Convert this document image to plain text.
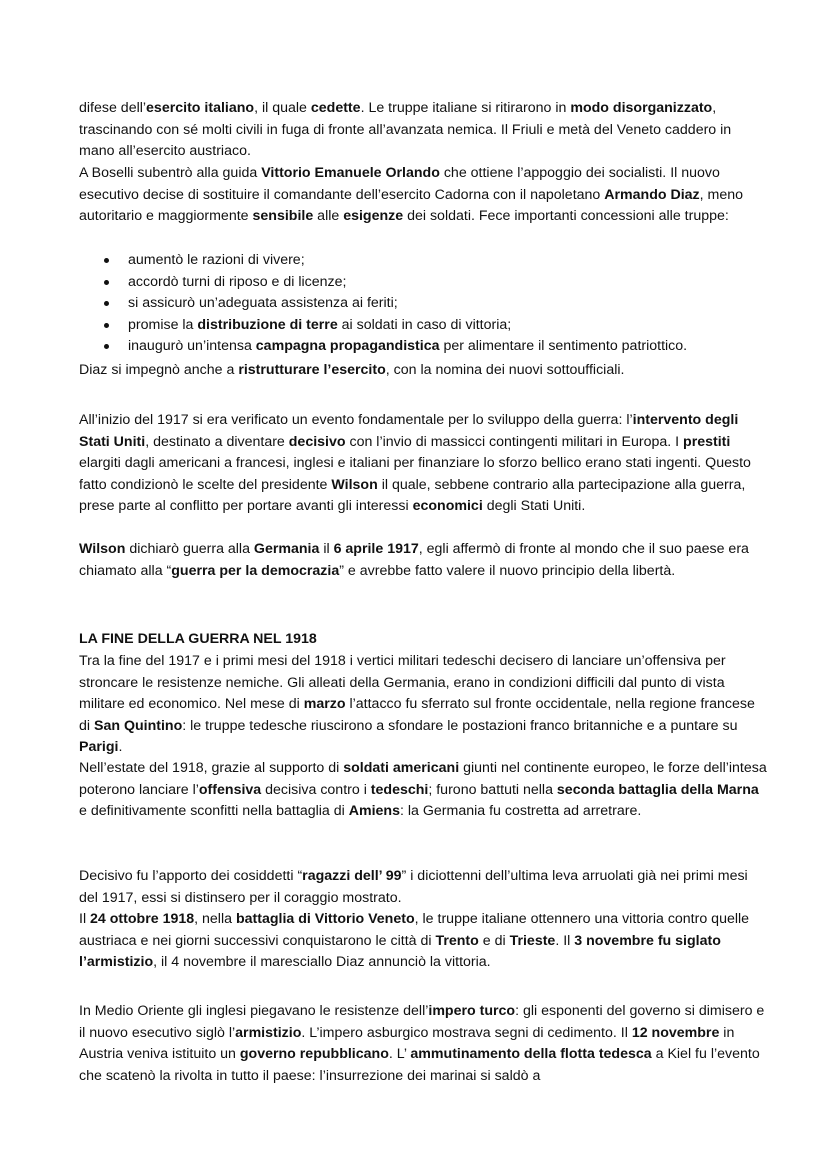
difese dell’esercito italiano, il quale cedette. Le truppe italiane si ritirarono in modo disorganizzato, trascinando con sé molti civili in fuga di fronte all’avanzata nemica. Il Friuli e metà del Veneto caddero in mano all’esercito austriaco.

A Boselli subentrò alla guida Vittorio Emanuele Orlando che ottiene l’appoggio dei socialisti. Il nuovo esecutivo decise di sostituire il comandante dell’esercito Cadorna con il napoletano Armando Diaz, meno autoritario e maggiormente sensibile alle esigenze dei soldati. Fece importanti concessioni alle truppe:

aumentò le razioni di vivere;
accordò turni di riposo e di licenze;
si assicurò un’adeguata assistenza ai feriti;
promise la distribuzione di terre ai soldati in caso di vittoria;
inaugurò un’intensa campagna propagandistica per alimentare il sentimento patriottico.

Diaz si impegnò anche a ristrutturare l’esercito, con la nomina dei nuovi sottoufficiali.

All’inizio del 1917 si era verificato un evento fondamentale per lo sviluppo della guerra: l’intervento degli Stati Uniti, destinato a diventare decisivo con l’invio di massicci contingenti militari in Europa. I prestiti elargiti dagli americani a francesi, inglesi e italiani per finanziare lo sforzo bellico erano stati ingenti. Questo fatto condizionò le scelte del presidente Wilson il quale, sebbene contrario alla partecipazione alla guerra, prese parte al conflitto per portare avanti gli interessi economici degli Stati Uniti.

Wilson dichiarò guerra alla Germania il 6 aprile 1917, egli affermò di fronte al mondo che il suo paese era chiamato alla “guerra per la democrazia” e avrebbe fatto valere il nuovo principio della libertà.

LA FINE DELLA GUERRA NEL 1918

Tra la fine del 1917 e i primi mesi del 1918 i vertici militari tedeschi decisero di lanciare un’offensiva per stroncare le resistenze nemiche. Gli alleati della Germania, erano in condizioni difficili dal punto di vista militare ed economico. Nel mese di marzo l’attacco fu sferrato sul fronte occidentale, nella regione francese di San Quintino: le truppe tedesche riuscirono a sfondare le postazioni franco britanniche e a puntare su Parigi.

Nell’estate del 1918, grazie al supporto di soldati americani giunti nel continente europeo, le forze dell’intesa poterono lanciare l’offensiva decisiva contro i tedeschi; furono battuti nella seconda battaglia della Marna e definitivamente sconfitti nella battaglia di Amiens: la Germania fu costretta ad arretrare.

Decisivo fu l’apporto dei cosiddetti “ragazzi dell’ 99” i diciottenni dell’ultima leva arruolati già nei primi mesi del 1917, essi si distinsero per il coraggio mostrato.

Il 24 ottobre 1918, nella battaglia di Vittorio Veneto, le truppe italiane ottennero una vittoria contro quelle austriaca e nei giorni successivi conquistarono le città di Trento e di Trieste. Il 3 novembre fu siglato l’armistizio, il 4 novembre il maresciallo Diaz annunciò la vittoria.

In Medio Oriente gli inglesi piegavano le resistenze dell’impero turco: gli esponenti del governo si dimisero e il nuovo esecutivo siglò l’armistizio. L’impero asburgico mostrava segni di cedimento. Il 12 novembre in Austria veniva istituito un governo repubblicano. L’ ammutinamento della flotta tedesca a Kiel fu l’evento che scatenò la rivolta in tutto il paese: l’insurrezione dei marinai si saldò a
